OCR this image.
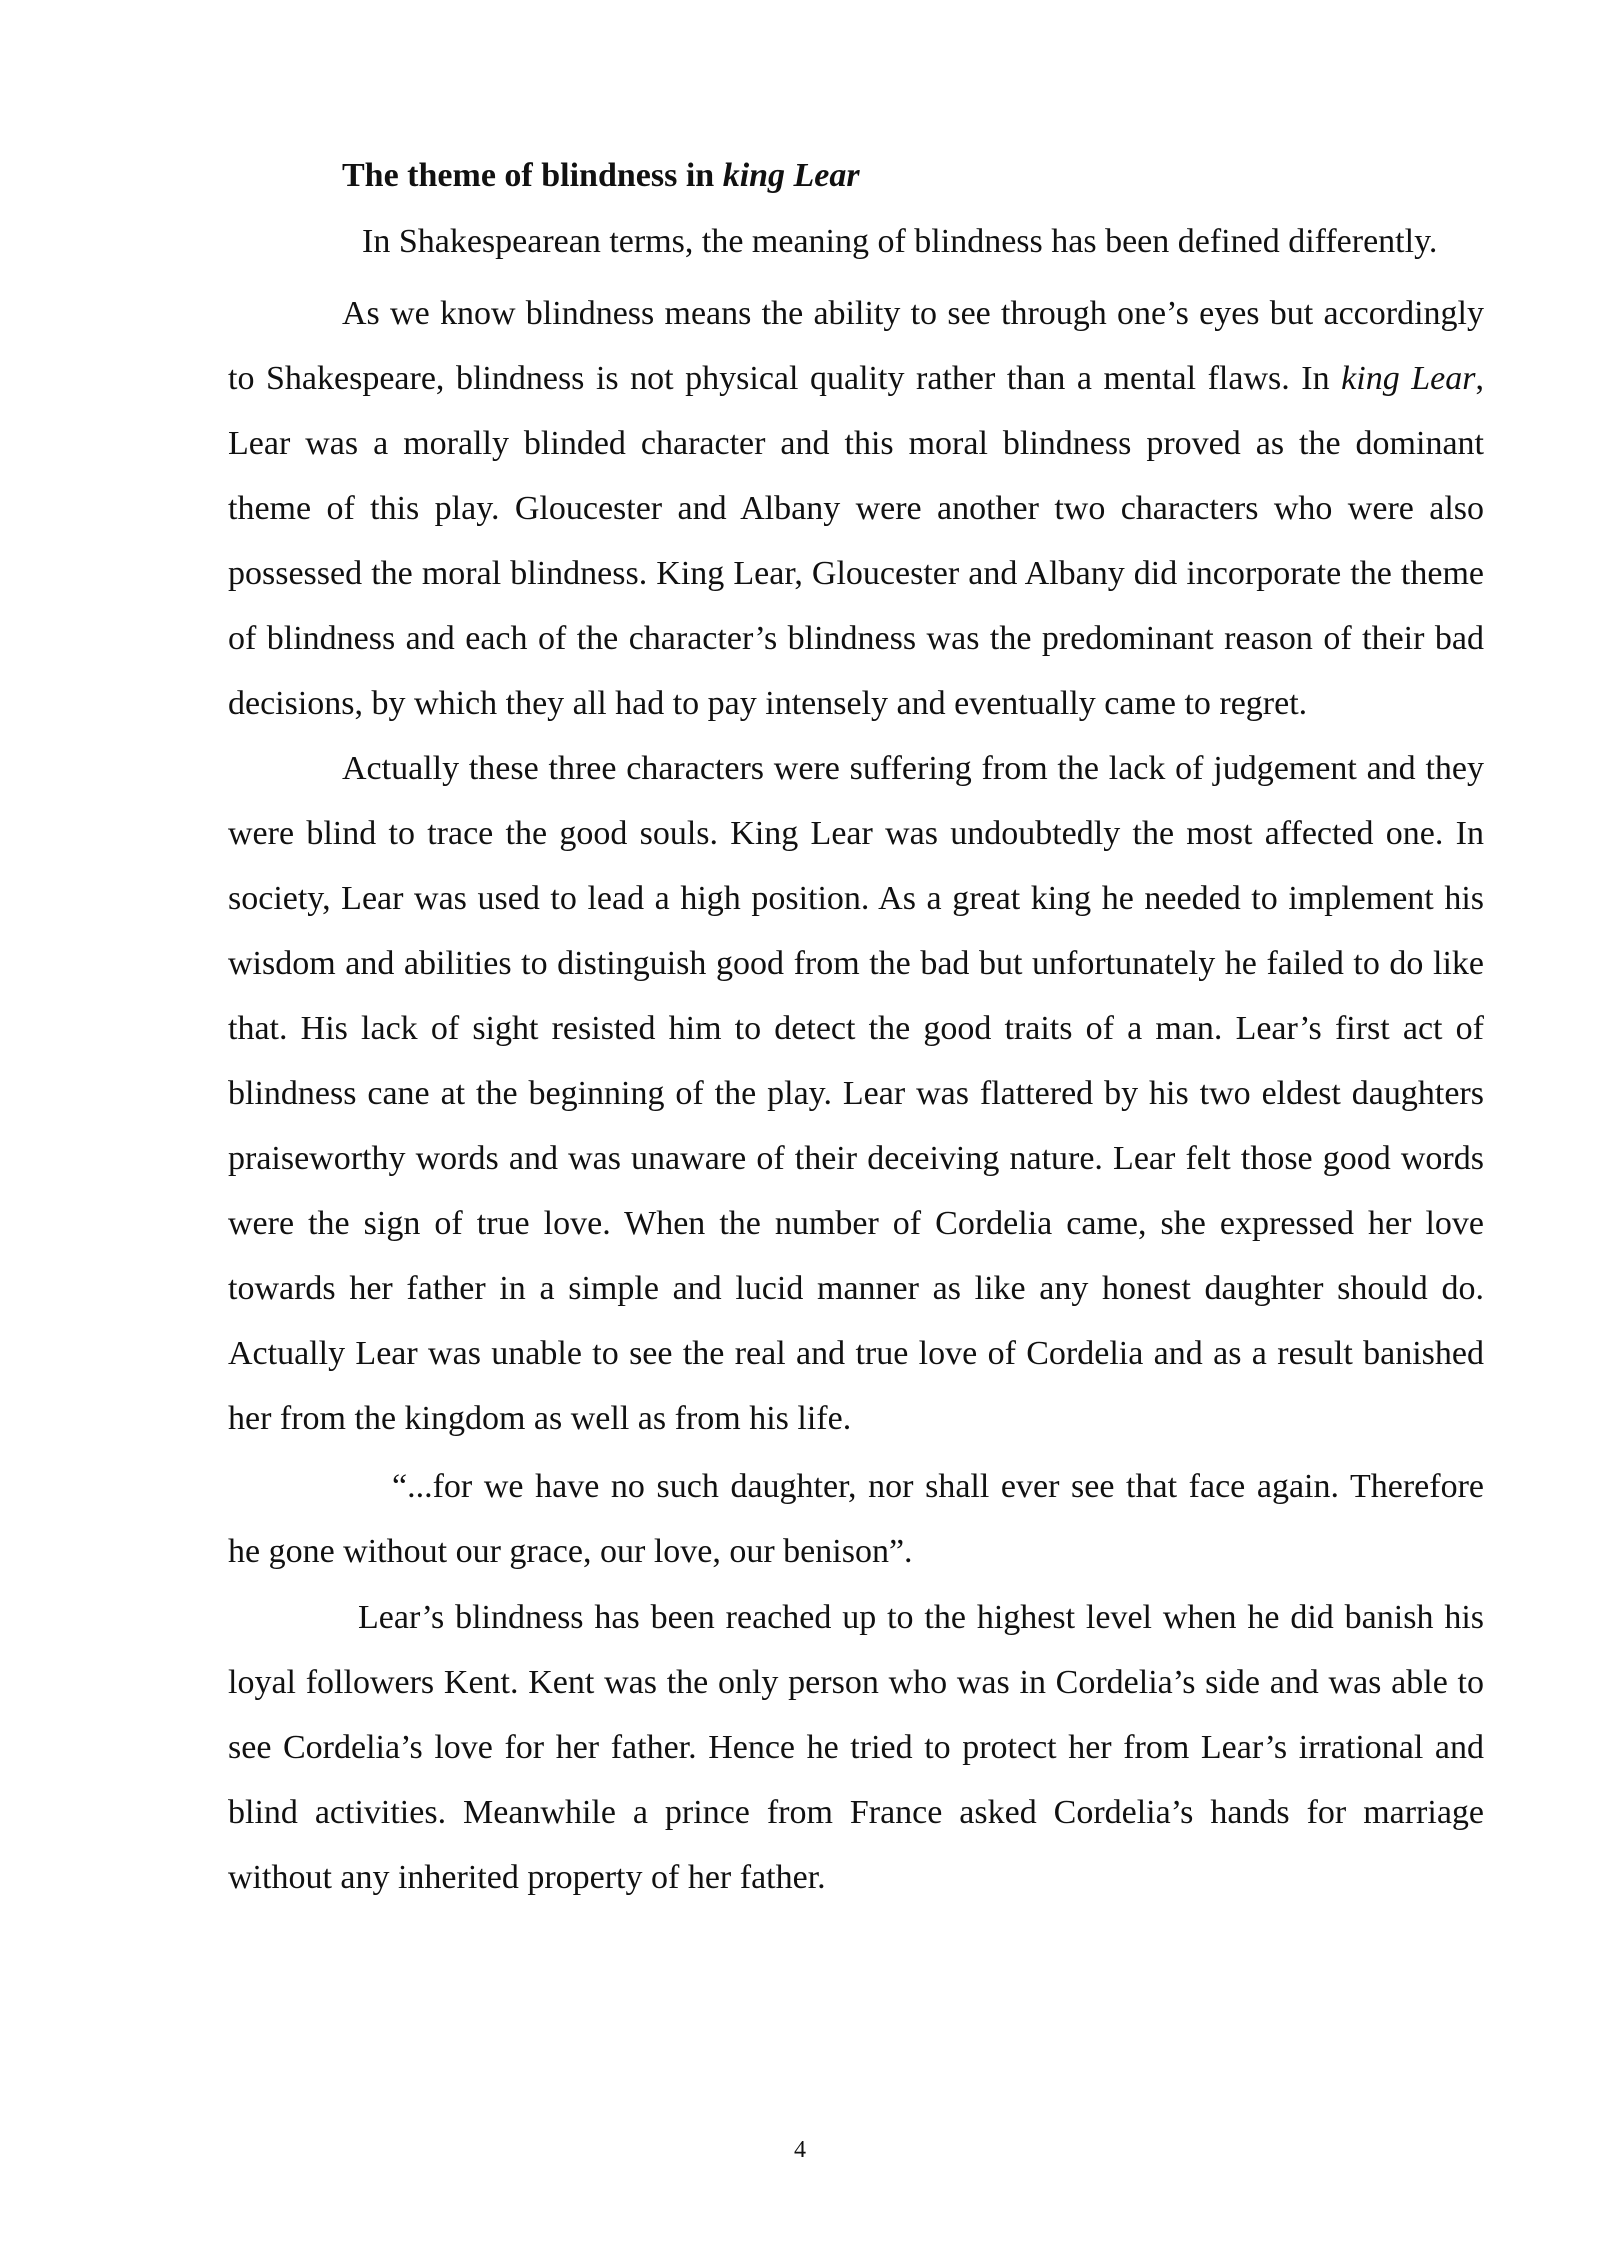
The theme of blindness in king Lear

In Shakespearean terms, the meaning of blindness has been defined differently.

As we know blindness means the ability to see through one’s eyes but accordingly to Shakespeare, blindness is not physical quality rather than a mental flaws. In king Lear, Lear was a morally blinded character and this moral blindness proved as the dominant theme of this play. Gloucester and Albany were another two characters who were also possessed the moral blindness. King Lear, Gloucester and Albany did incorporate the theme of blindness and each of the character’s blindness was the predominant reason of their bad decisions, by which they all had to pay intensely and eventually came to regret.

Actually these three characters were suffering from the lack of judgement and they were blind to trace the good souls. King Lear was undoubtedly the most affected one. In society, Lear was used to lead a high position. As a great king he needed to implement his wisdom and abilities to distinguish good from the bad but unfortunately he failed to do like that. His lack of sight resisted him to detect the good traits of a man. Lear’s first act of blindness cane at the beginning of the play. Lear was flattered by his two eldest daughters praiseworthy words and was unaware of their deceiving nature. Lear felt those good words were the sign of true love. When the number of Cordelia came, she expressed her love towards her father in a simple and lucid manner as like any honest daughter should do. Actually Lear was unable to see the real and true love of Cordelia and as a result banished her from the kingdom as well as from his life.

“...for we have no such daughter, nor shall ever see that face again. Therefore he gone without our grace, our love, our benison”.

Lear’s blindness has been reached up to the highest level when he did banish his loyal followers Kent. Kent was the only person who was in Cordelia’s side and was able to see Cordelia’s love for her father. Hence he tried to protect her from Lear’s irrational and blind activities. Meanwhile a prince from France asked Cordelia’s hands for marriage without any inherited property of her father.

4
